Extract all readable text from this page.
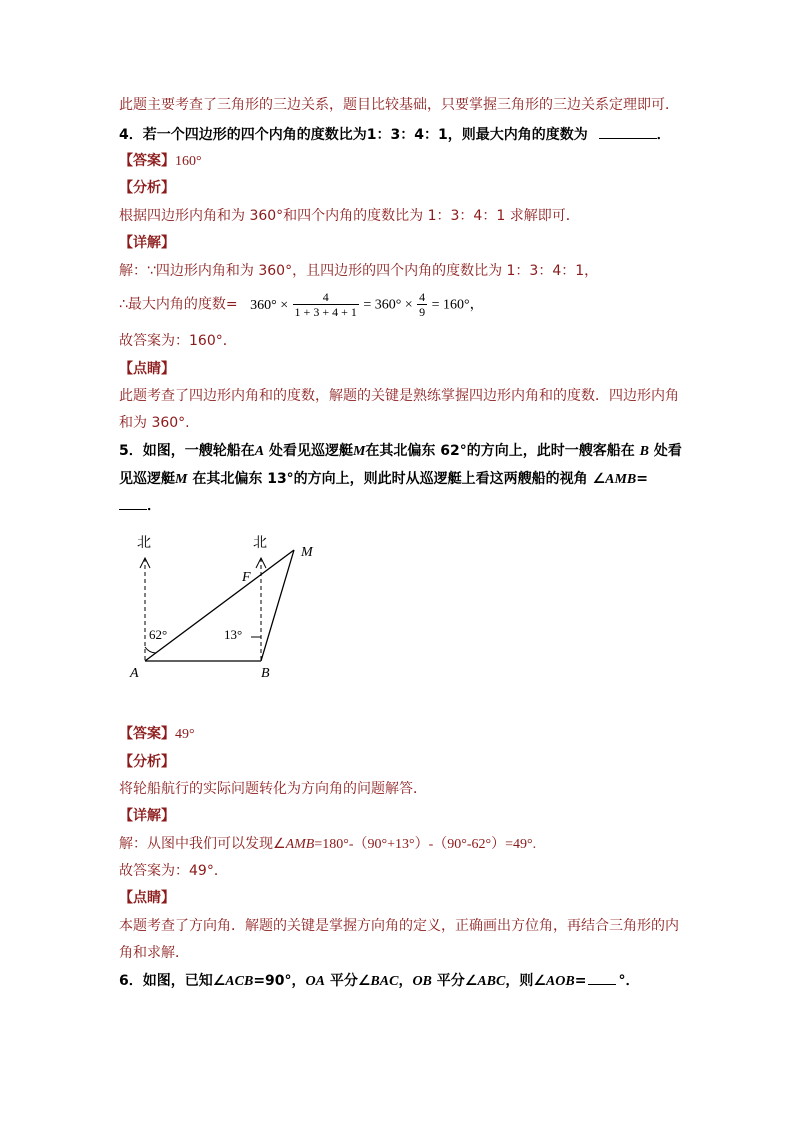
此题主要考查了三角形的三边关系，题目比较基础，只要掌握三角形的三边关系定理即可．
4．若一个四边形的四个内角的度数比为1：3：4：1，则最大内角的度数为	．
【答案】160°
【分析】
根据四边形内角和为 360°和四个内角的度数比为 1：3：4：1 求解即可．
【详解】
解：∵四边形内角和为 360°，且四边形的四个内角的度数比为 1：3：4：1，
∴最大内角的度数= $360^\circ \times \frac{4}{1 + 3 + 4 + 1} = 360^\circ \times \frac{4}{9} = 160^\circ$，
故答案为：160°．
【点睛】
此题考查了四边形内角和的度数，解题的关键是熟练掌握四边形内角和的度数．四边形内角
和为 360°.
5．如图，一艘轮船在A 处看见巡逻艇M在其北偏东 62°的方向上，此时一艘客船在 B 处看
见巡逻艇M 在其北偏东 13°的方向上，则此时从巡逻艇上看这两艘船的视角 ∠AMB=
．
北	北
M
F
A	B
62°	13°
【答案】49°
【分析】
将轮船航行的实际问题转化为方向角的问题解答．
【详解】
解：从图中我们可以发现∠AMB=180°-（90°+13°）-（90°-62°）=49°.
故答案为：49°．
【点睛】
本题考查了方向角．解题的关键是掌握方向角的定义，正确画出方位角，再结合三角形的内
角和求解．
6．如图，已知∠ACB=90°，OA 平分∠BAC，OB 平分∠ABC，则∠AOB= °．
